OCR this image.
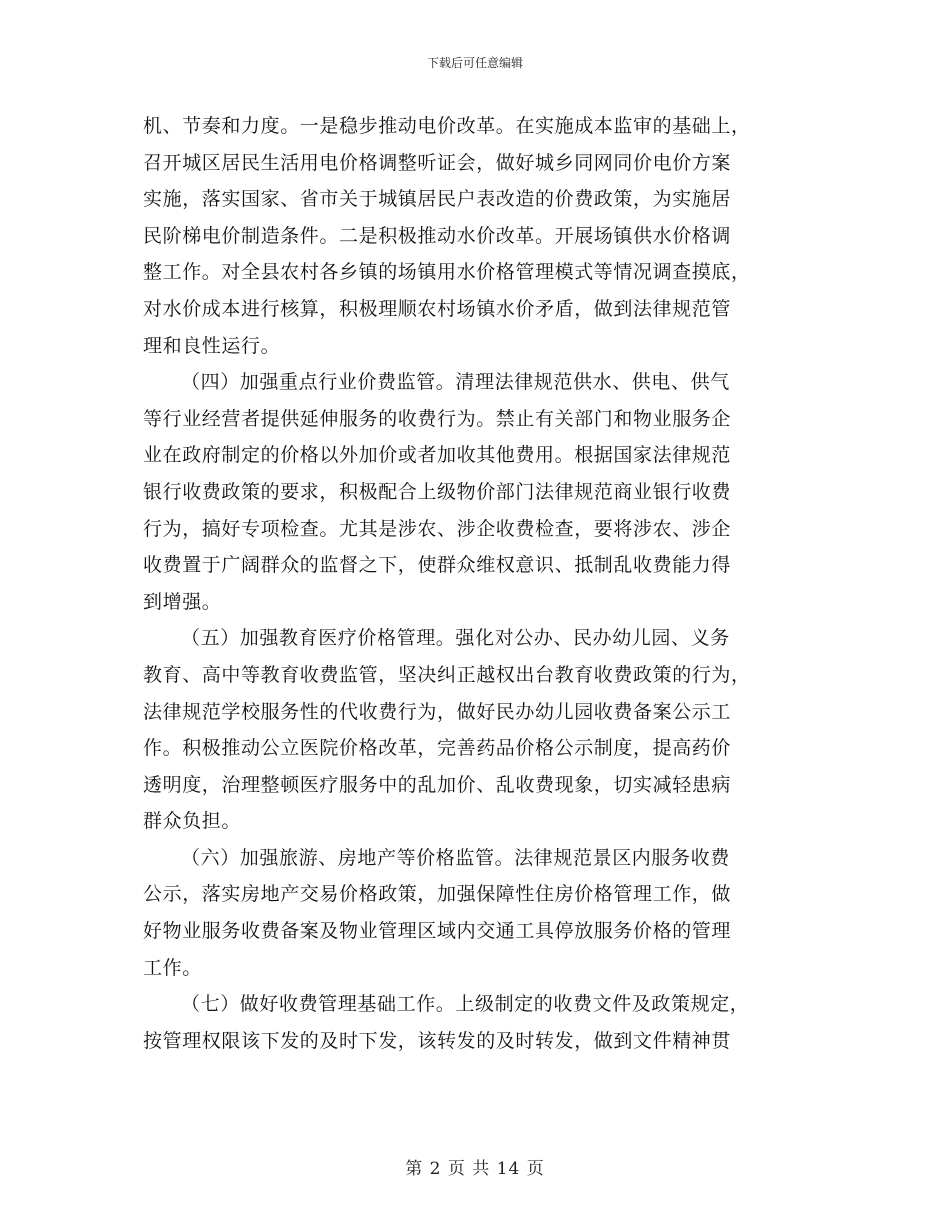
下载后可任意编辑
机、节奏和力度。一是稳步推动电价改革。在实施成本监审的基础上，
召开城区居民生活用电价格调整听证会，做好城乡同网同价电价方案
实施，落实国家、省市关于城镇居民户表改造的价费政策，为实施居
民阶梯电价制造条件。二是积极推动水价改革。开展场镇供水价格调
整工作。对全县农村各乡镇的场镇用水价格管理模式等情况调查摸底，
对水价成本进行核算，积极理顺农村场镇水价矛盾，做到法律规范管
理和良性运行。
（四）加强重点行业价费监管。清理法律规范供水、供电、供气
等行业经营者提供延伸服务的收费行为。禁止有关部门和物业服务企
业在政府制定的价格以外加价或者加收其他费用。根据国家法律规范
银行收费政策的要求，积极配合上级物价部门法律规范商业银行收费
行为，搞好专项检查。尤其是涉农、涉企收费检查，要将涉农、涉企
收费置于广阔群众的监督之下，使群众维权意识、抵制乱收费能力得
到增强。
（五）加强教育医疗价格管理。强化对公办、民办幼儿园、义务
教育、高中等教育收费监管，坚决纠正越权出台教育收费政策的行为，
法律规范学校服务性的代收费行为，做好民办幼儿园收费备案公示工
作。积极推动公立医院价格改革，完善药品价格公示制度，提高药价
透明度，治理整顿医疗服务中的乱加价、乱收费现象，切实减轻患病
群众负担。
（六）加强旅游、房地产等价格监管。法律规范景区内服务收费
公示，落实房地产交易价格政策，加强保障性住房价格管理工作，做
好物业服务收费备案及物业管理区域内交通工具停放服务价格的管理
工作。
（七）做好收费管理基础工作。上级制定的收费文件及政策规定，
按管理权限该下发的及时下发，该转发的及时转发，做到文件精神贯
第 2 页 共 14 页
